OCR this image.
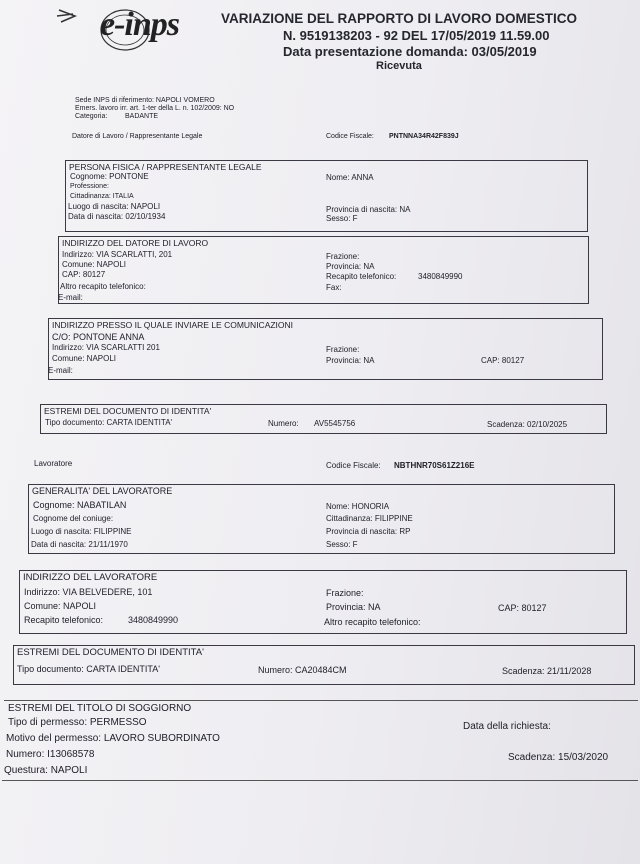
e-inps	VARIAZIONE DEL RAPPORTO DI LAVORO DOMESTICO
N. 9519138203 - 92 DEL 17/05/2019 11.59.00
Data presentazione domanda: 03/05/2019
Ricevuta
Sede INPS di riferimento: NAPOLI VOMERO
Emers. lavoro irr. art. 1-ter della L. n. 102/2009: NO
Categoria:	BADANTE
Datore di Lavoro / Rappresentante Legale	Codice Fiscale: PNTNNA34R42F839J
PERSONA FISICA / RAPPRESENTANTE LEGALE
Cognome: PONTONE	Nome: ANNA
Professione:
Cittadinanza: ITALIA
Luogo di nascita: NAPOLI	Provincia di nascita: NA
Data di nascita: 02/10/1934	Sesso: F
INDIRIZZO DEL DATORE DI LAVORO
Indirizzo: VIA SCARLATTI, 201	Frazione:
Comune: NAPOLI	Provincia: NA
CAP: 80127	Recapito telefonico:	3480849990
Altro recapito telefonico:	Fax:
E-mail:
INDIRIZZO PRESSO IL QUALE INVIARE LE COMUNICAZIONI
C/O: PONTONE ANNA
Indirizzo: VIA SCARLATTI 201	Frazione:
Comune: NAPOLI	Provincia: NA	CAP: 80127
E-mail:
ESTREMI DEL DOCUMENTO DI IDENTITA'
Tipo documento: CARTA IDENTITA'	Numero: AV5545756	Scadenza: 02/10/2025
Lavoratore	Codice Fiscale: NBTHNR70S61Z216E
GENERALITA' DEL LAVORATORE
Cognome: NABATILAN	Nome: HONORIA
Cognome del coniuge:	Cittadinanza: FILIPPINE
Luogo di nascita: FILIPPINE	Provincia di nascita: RP
Data di nascita: 21/11/1970	Sesso: F
INDIRIZZO DEL LAVORATORE
Indirizzo: VIA BELVEDERE, 101	Frazione:
Comune: NAPOLI	Provincia: NA	CAP: 80127
Recapito telefonico:	3480849990	Altro recapito telefonico:
ESTREMI DEL DOCUMENTO DI IDENTITA'
Tipo documento: CARTA IDENTITA'	Numero: CA20484CM	Scadenza: 21/11/2028
ESTREMI DEL TITOLO DI SOGGIORNO
Tipo di permesso: PERMESSO	Data della richiesta:
Motivo del permesso: LAVORO SUBORDINATO
Numero: I13068578	Scadenza: 15/03/2020
Questura: NAPOLI
